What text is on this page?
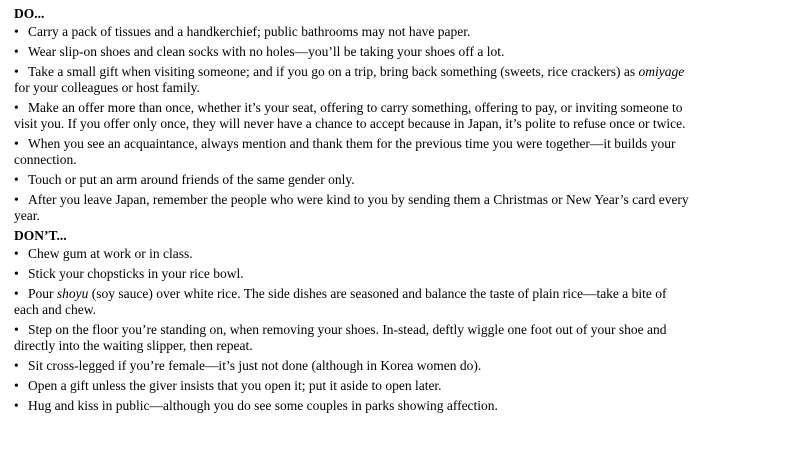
DO...
• Carry a pack of tissues and a handkerchief; public bathrooms may not have paper.
• Wear slip-on shoes and clean socks with no holes—you’ll be taking your shoes off a lot.
• Take a small gift when visiting someone; and if you go on a trip, bring back something (sweets, rice crackers) as omiyage
for your colleagues or host family.
• Make an offer more than once, whether it’s your seat, offering to carry something, offering to pay, or inviting someone to
visit you. If you offer only once, they will never have a chance to accept because in Japan, it’s polite to refuse once or twice.
• When you see an acquaintance, always mention and thank them for the previous time you were together—it builds your
connection.
• Touch or put an arm around friends of the same gender only.
• After you leave Japan, remember the people who were kind to you by sending them a Christmas or New Year’s card every
year.
DON’T...
• Chew gum at work or in class.
• Stick your chopsticks in your rice bowl.
• Pour shoyu (soy sauce) over white rice. The side dishes are seasoned and balance the taste of plain rice—take a bite of
each and chew.
• Step on the floor you’re standing on, when removing your shoes. In-stead, deftly wiggle one foot out of your shoe and
directly into the waiting slipper, then repeat.
• Sit cross-legged if you’re female—it’s just not done (although in Korea women do).
• Open a gift unless the giver insists that you open it; put it aside to open later.
• Hug and kiss in public—although you do see some couples in parks showing affection.
